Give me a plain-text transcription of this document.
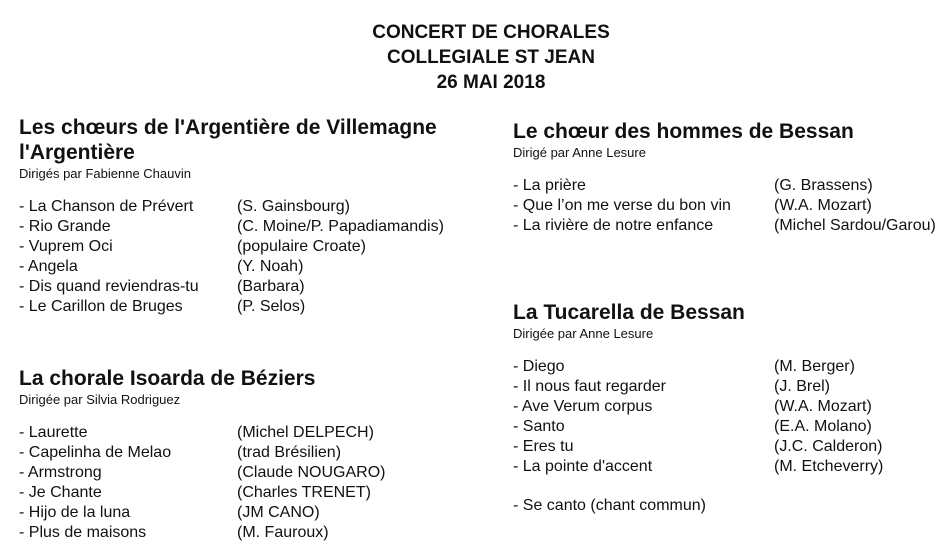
CONCERT DE CHORALES
COLLEGIALE ST JEAN
26 MAI 2018
Les chœurs de l'Argentière de Villemagne
l'Argentière
Dirigés par Fabienne Chauvin
- La Chanson de Prévert	(S. Gainsbourg)
- Rio Grande	(C. Moine/P. Papadiamandis)
- Vuprem Oci	(populaire Croate)
- Angela	(Y. Noah)
- Dis quand reviendras-tu (Barbara)
- Le Carillon de Bruges	(P. Selos)
La chorale Isoarda de Béziers
Dirigée par Silvia Rodriguez
- Laurette	(Michel DELPECH)
- Capelinha de Melao	(trad Brésilien)
- Armstrong	(Claude NOUGARO)
- Je Chante	(Charles TRENET)
- Hijo de la luna	(JM CANO)
- Plus de maisons	(M. Fauroux)
Le chœur des hommes de Bessan
Dirigé par Anne Lesure
- La prière	(G. Brassens)
- Que l’on me verse du bon vin	(W.A. Mozart)
- La rivière de notre enfance	(Michel Sardou/Garou)
La Tucarella de Bessan
Dirigée par Anne Lesure
- Diego	(M. Berger)
- Il nous faut regarder	(J. Brel)
- Ave Verum corpus	(W.A. Mozart)
- Santo	(E.A. Molano)
- Eres tu	(J.C. Calderon)
- La pointe d'accent	(M. Etcheverry)
- Se canto (chant commun)
